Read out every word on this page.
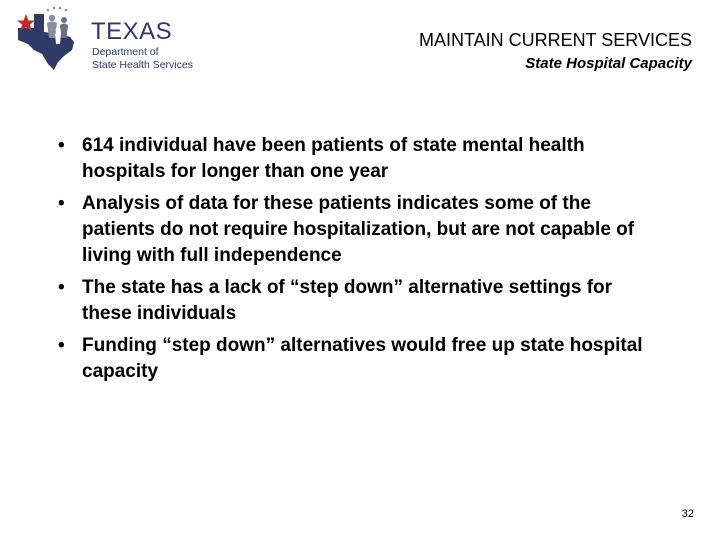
TEXAS
Department of
State Health Services
MAINTAIN CURRENT SERVICES
State Hospital Capacity
• 614 individual have been patients of state mental health hospitals for longer than one year
• Analysis of data for these patients indicates some of the patients do not require hospitalization, but are not capable of living with full independence
• The state has a lack of “step down” alternative settings for these individuals
• Funding “step down” alternatives would free up state hospital capacity
32
